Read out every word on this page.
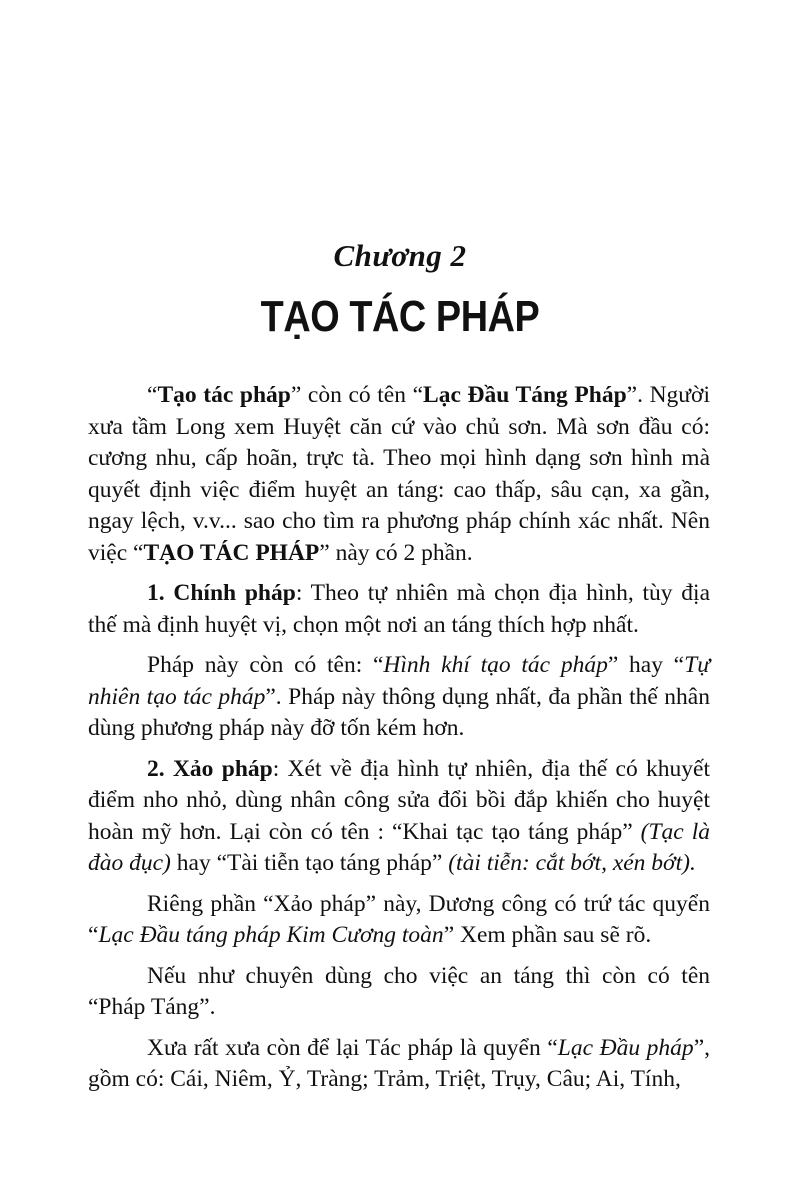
Chương 2
TẠO TÁC PHÁP

“Tạo tác pháp” còn có tên “Lạc Đầu Táng Pháp”. Người xưa tầm Long xem Huyệt căn cứ vào chủ sơn. Mà sơn đầu có: cương nhu, cấp hoãn, trực tà. Theo mọi hình dạng sơn hình mà quyết định việc điểm huyệt an táng: cao thấp, sâu cạn, xa gần, ngay lệch, v.v... sao cho tìm ra phương pháp chính xác nhất. Nên việc “TẠO TÁC PHÁP” này có 2 phần.

1. Chính pháp: Theo tự nhiên mà chọn địa hình, tùy địa thế mà định huyệt vị, chọn một nơi an táng thích hợp nhất.

Pháp này còn có tên: “Hình khí tạo tác pháp” hay “Tự nhiên tạo tác pháp”. Pháp này thông dụng nhất, đa phần thế nhân dùng phương pháp này đỡ tốn kém hơn.

2. Xảo pháp: Xét về địa hình tự nhiên, địa thế có khuyết điểm nho nhỏ, dùng nhân công sửa đổi bồi đắp khiến cho huyệt hoàn mỹ hơn. Lại còn có tên : “Khai tạc tạo táng pháp” (Tạc là đào đục) hay “Tài tiễn tạo táng pháp” (tài tiễn: cắt bớt, xén bớt).

Riêng phần “Xảo pháp” này, Dương công có trứ tác quyển “Lạc Đầu táng pháp Kim Cương toàn” Xem phần sau sẽ rõ.

Nếu như chuyên dùng cho việc an táng thì còn có tên “Pháp Táng”.

Xưa rất xưa còn để lại Tác pháp là quyển “Lạc Đầu pháp”, gồm có: Cái, Niêm, Ỷ, Tràng; Trảm, Triệt, Trụy, Câu; Ai, Tính,
